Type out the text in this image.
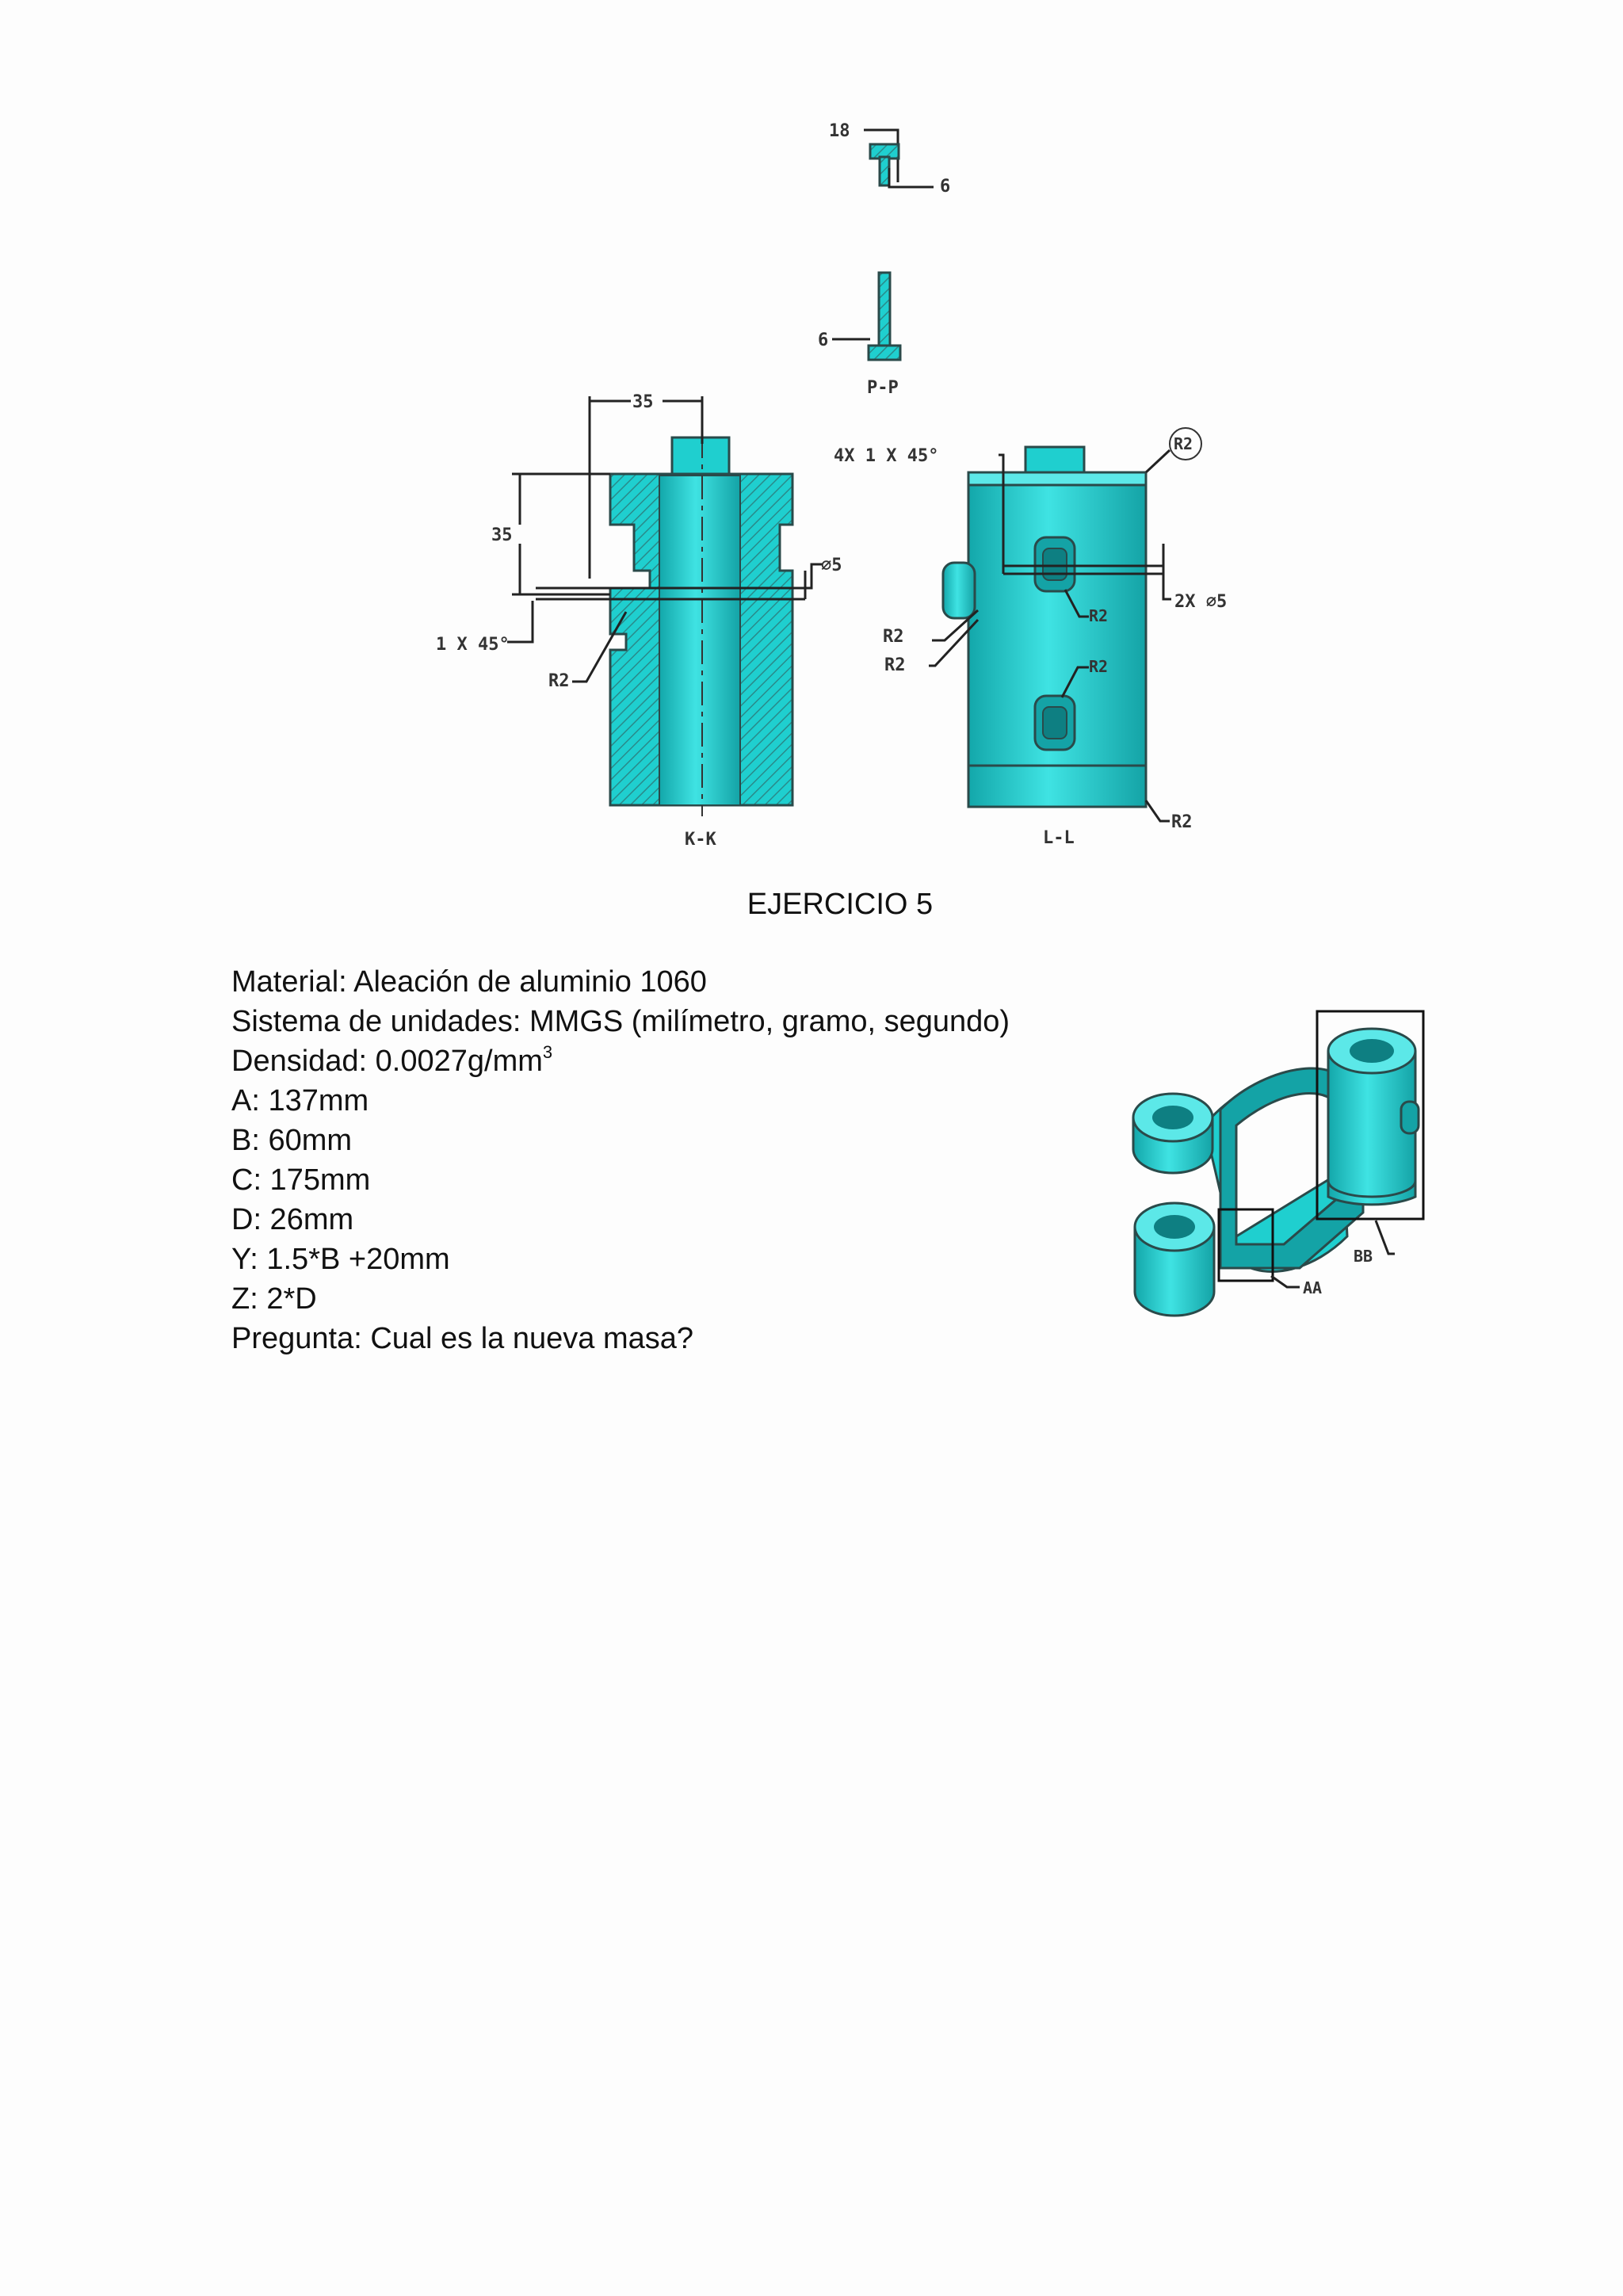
18
6
6
P-P
35
35
∅5
1 X 45°
R2
K-K
4X 1 X 45°
R2
2X ∅5
R2
R2
R2
R2
R2
L-L
BB
AA
EJERCICIO 5
Material: Aleación de aluminio 1060
Sistema de unidades: MMGS (milímetro, gramo, segundo)
Densidad: $0.0027g/mm^3$
A: 137mm
B: 60mm
C: 175mm
D: 26mm
Y: 1.5*B +20mm
Z: 2*D
Pregunta: Cual es la nueva masa?
